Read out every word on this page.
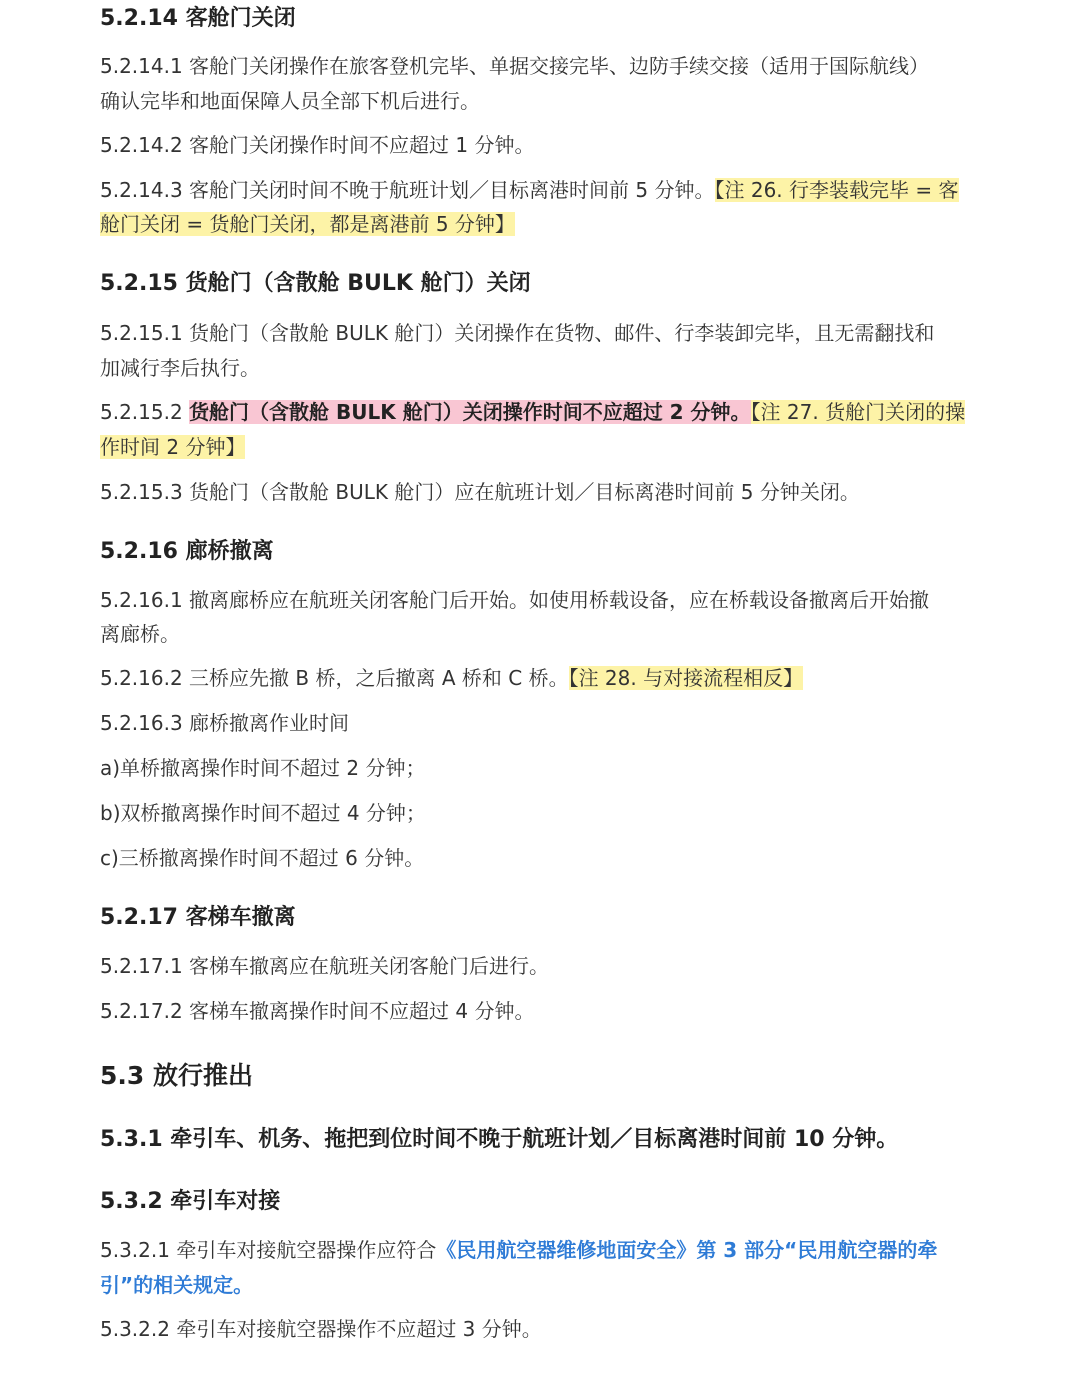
5.2.14 客舱门关闭
5.2.14.1 客舱门关闭操作在旅客登机完毕、单据交接完毕、边防手续交接（适用于国际航线）
确认完毕和地面保障人员全部下机后进行。
5.2.14.2 客舱门关闭操作时间不应超过 1 分钟。
5.2.14.3 客舱门关闭时间不晚于航班计划／目标离港时间前 5 分钟。【注 26. 行李装载完毕 = 客
舱门关闭 = 货舱门关闭，都是离港前 5 分钟】
5.2.15 货舱门（含散舱 BULK 舱门）关闭
5.2.15.1 货舱门（含散舱 BULK 舱门）关闭操作在货物、邮件、行李装卸完毕，且无需翻找和
加减行李后执行。
5.2.15.2 货舱门（含散舱 BULK 舱门）关闭操作时间不应超过 2 分钟。【注 27. 货舱门关闭的操
作时间 2 分钟】
5.2.15.3 货舱门（含散舱 BULK 舱门）应在航班计划／目标离港时间前 5 分钟关闭。
5.2.16 廊桥撤离
5.2.16.1 撤离廊桥应在航班关闭客舱门后开始。如使用桥载设备，应在桥载设备撤离后开始撤
离廊桥。
5.2.16.2 三桥应先撤 B 桥，之后撤离 A 桥和 C 桥。【注 28. 与对接流程相反】
5.2.16.3 廊桥撤离作业时间
a)单桥撤离操作时间不超过 2 分钟；
b)双桥撤离操作时间不超过 4 分钟；
c)三桥撤离操作时间不超过 6 分钟。
5.2.17 客梯车撤离
5.2.17.1 客梯车撤离应在航班关闭客舱门后进行。
5.2.17.2 客梯车撤离操作时间不应超过 4 分钟。
5.3 放行推出
5.3.1 牵引车、机务、拖把到位时间不晚于航班计划／目标离港时间前 10 分钟。
5.3.2 牵引车对接
5.3.2.1 牵引车对接航空器操作应符合《民用航空器维修地面安全》第 3 部分“民用航空器的牵
引”的相关规定。
5.3.2.2 牵引车对接航空器操作不应超过 3 分钟。
